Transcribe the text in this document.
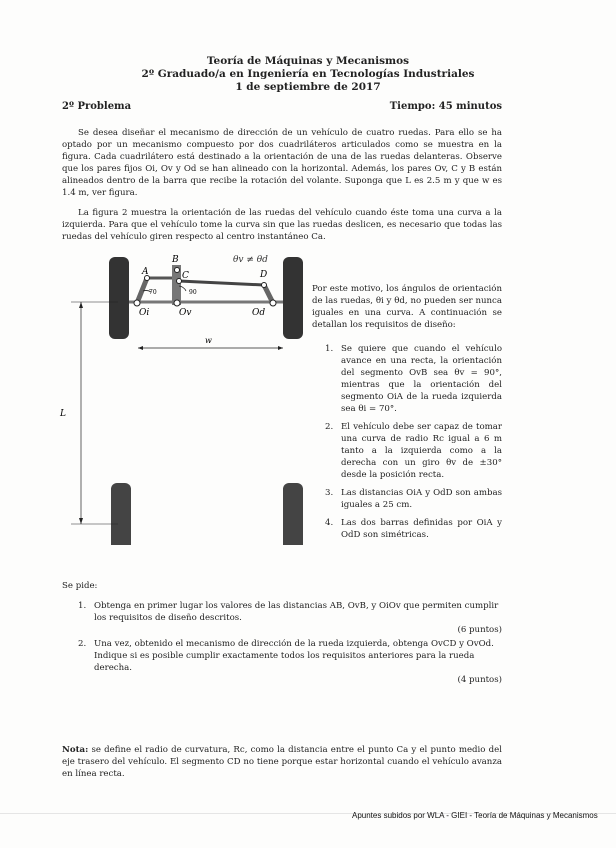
Teoría de Máquinas y Mecanismos
2º Graduado/a en Ingeniería en Tecnologías Industriales
1 de septiembre de 2017
2º Problema	Tiempo: 45 minutos
Se desea diseñar el mecanismo de dirección de un vehículo de cuatro ruedas. Para ello se ha optado por un mecanismo compuesto por dos cuadriláteros articulados como se muestra en la figura. Cada cuadrilátero está destinado a la orientación de una de las ruedas delanteras. Observe que los pares fijos Oi, Ov y Od se han alineado con la horizontal. Además, los pares Ov, C y B están alineados dentro de la barra que recibe la rotación del volante. Suponga que L es 2.5 m y que w es 1.4 m, ver figura.
La figura 2 muestra la orientación de las ruedas del vehículo cuando éste toma una curva a la izquierda. Para que el vehículo tome la curva sin que las ruedas deslicen, es necesario que todas las ruedas del vehículo giren respecto al centro instantáneo Ca.
A
B
C	D
Oi	Ov	Od
70	90
θv ≠ θd
w
L
Por este motivo, los ángulos de orientación de las ruedas, θi y θd, no pueden ser nunca iguales en una curva. A continuación se detallan los requisitos de diseño:
1. Se quiere que cuando el vehículo avance en una recta, la orientación del segmento OvB sea θv = 90°, mientras que la orientación del segmento OiA de la rueda izquierda sea θi = 70°.
2. El vehículo debe ser capaz de tomar una curva de radio Rc igual a 6 m tanto a la izquierda como a la derecha con un giro θv de ±30° desde la posición recta.
3. Las distancias OiA y OdD son ambas iguales a 25 cm.
4. Las dos barras definidas por OiA y OdD son simétricas.
Se pide:
1. Obtenga en primer lugar los valores de las distancias AB, OvB, y OiOv que permiten cumplir los requisitos de diseño descritos.
(6 puntos)
2. Una vez, obtenido el mecanismo de dirección de la rueda izquierda, obtenga OvCD y OvOd. Indique si es posible cumplir exactamente todos los requisitos anteriores para la rueda derecha.
(4 puntos)
Nota: se define el radio de curvatura, Rc, como la distancia entre el punto Ca y el punto medio del eje trasero del vehículo. El segmento CD no tiene porque estar horizontal cuando el vehículo avanza en línea recta.
Apuntes subidos por WLA - GIEI - Teoría de Máquinas y Mecanismos
